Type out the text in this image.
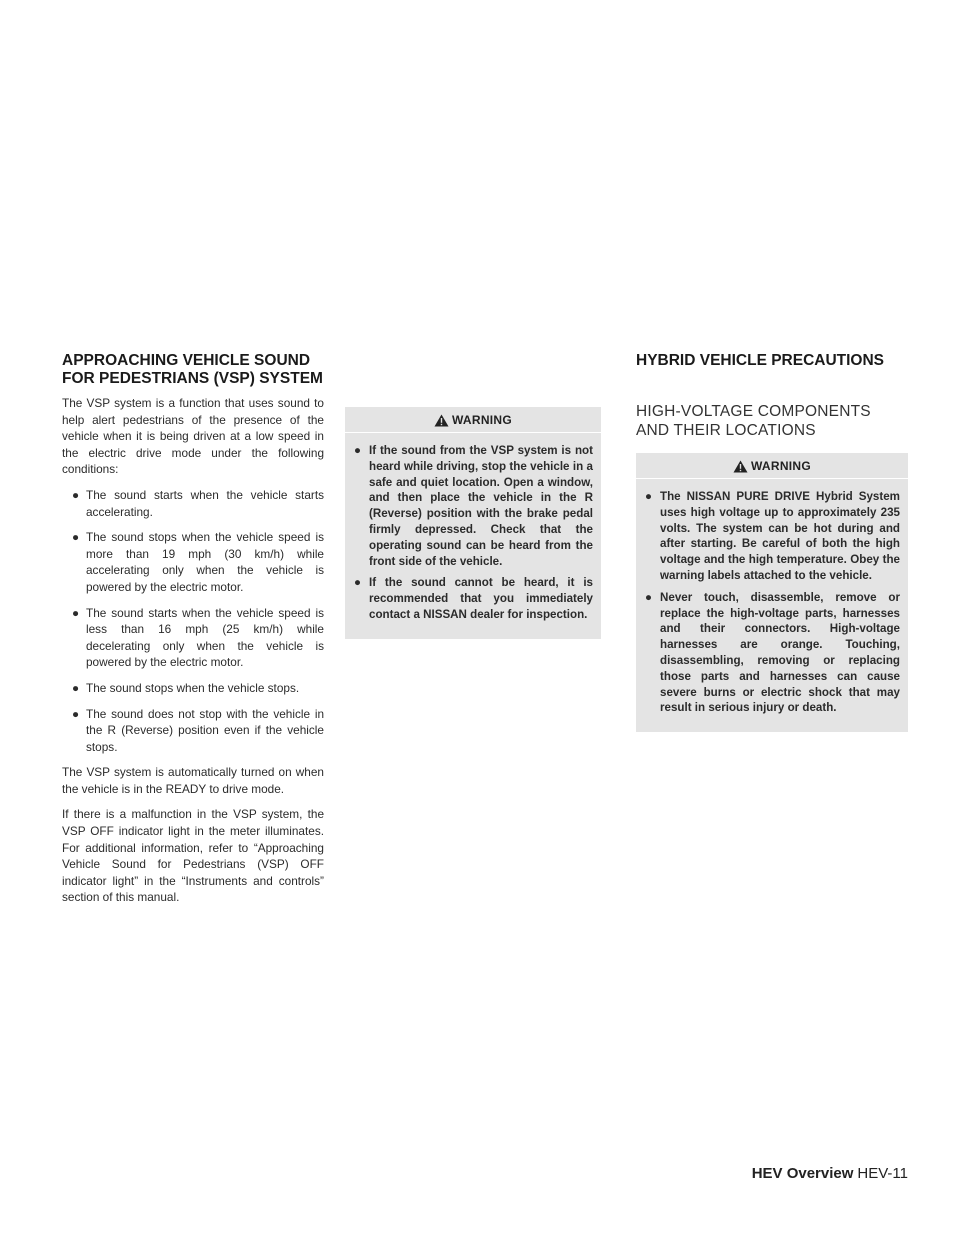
APPROACHING VEHICLE SOUND FOR PEDESTRIANS (VSP) SYSTEM

The VSP system is a function that uses sound to help alert pedestrians of the presence of the vehicle when it is being driven at a low speed in the electric drive mode under the following conditions:

● The sound starts when the vehicle starts accelerating.
● The sound stops when the vehicle speed is more than 19 mph (30 km/h) while accelerating only when the vehicle is powered by the electric motor.
● The sound starts when the vehicle speed is less than 16 mph (25 km/h) while decelerating only when the vehicle is powered by the electric motor.
● The sound stops when the vehicle stops.
● The sound does not stop with the vehicle in the R (Reverse) position even if the vehicle stops.

The VSP system is automatically turned on when the vehicle is in the READY to drive mode.

If there is a malfunction in the VSP system, the VSP OFF indicator light in the meter illuminates. For additional information, refer to “Approaching Vehicle Sound for Pedestrians (VSP) OFF indicator light” in the “Instruments and controls” section of this manual.

WARNING
● If the sound from the VSP system is not heard while driving, stop the vehicle in a safe and quiet location. Open a window, and then place the vehicle in the R (Reverse) position with the brake pedal firmly depressed. Check that the operating sound can be heard from the front side of the vehicle.
● If the sound cannot be heard, it is recommended that you immediately contact a NISSAN dealer for inspection.
HYBRID VEHICLE PRECAUTIONS
HIGH-VOLTAGE COMPONENTS AND THEIR LOCATIONS
WARNING
● The NISSAN PURE DRIVE Hybrid System uses high voltage up to approximately 235 volts. The system can be hot during and after starting. Be careful of both the high voltage and the high temperature. Obey the warning labels attached to the vehicle.
● Never touch, disassemble, remove or replace the high-voltage parts, harnesses and their connectors. High-voltage harnesses are orange. Touching, disassembling, removing or replacing those parts and harnesses can cause severe burns or electric shock that may result in serious injury or death.
HEV Overview HEV-11
